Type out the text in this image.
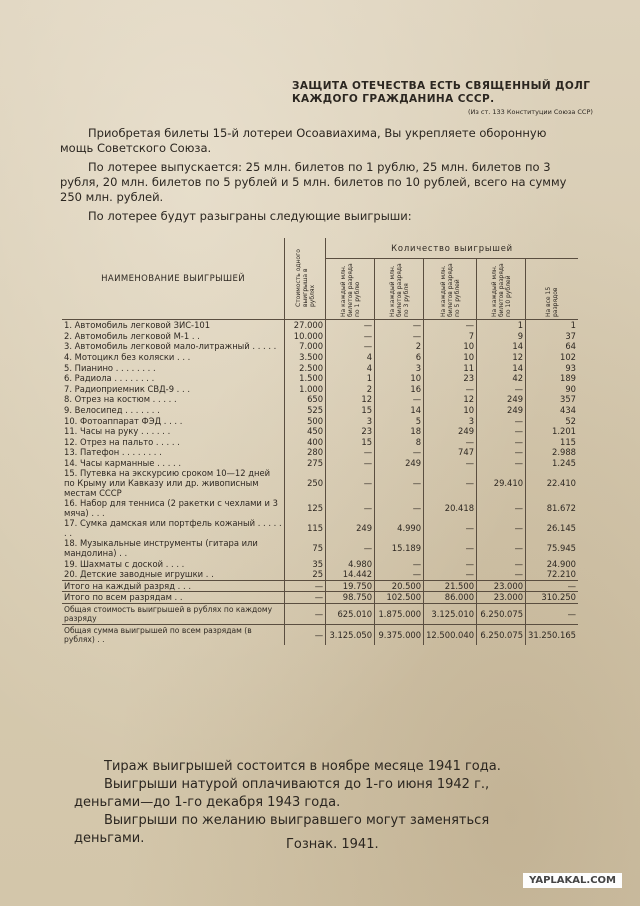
ЗАЩИТА ОТЕЧЕСТВА ЕСТЬ СВЯЩЕННЫЙ ДОЛГ
КАЖДОГО ГРАЖДАНИНА СССР.
(Из ст. 133 Конституции Союза ССР)

Приобретая билеты 15-й лотереи Осоавиахима, Вы укрепляете оборонную мощь Советского Союза.

По лотерее выпускается: 25 млн. билетов по 1 рублю, 25 млн. билетов по 3 рубля, 20 млн. билетов по 5 рублей и 5 млн. билетов по 10 рублей, всего на сумму 250 млн. рублей.

По лотерее будут разыграны следующие выигрыши:

НАИМЕНОВАНИЕ ВЫИГРЫШЕЙ	Стоимость одного выигрыша в рублях	Количество выигрышей				
		На каждый млн. билетов разряда по 1 рублю	На каждый млн. билетов разряда по 3 рубля	На каждый млн. билетов разряда по 5 рублей	На каждый млн. билетов разряда по 10 рублей	На все 15 разрядов
1. Автомобиль легковой ЗИС-101	27.000	—	—	—	1	1
2. Автомобиль легковой М-1 . .	10.000	—	—	7	9	37
3. Автомобиль легковой мало-литражный . . . . .	7.000	—	2	10	14	64
4. Мотоцикл без коляски . . .	3.500	4	6	10	12	102
5. Пианино . . . . . . . .	2.500	4	3	11	14	93
6. Радиола . . . . . . . .	1.500	1	10	23	42	189
7. Радиоприемник СВД-9 . . .	1.000	2	16	—	—	90
8. Отрез на костюм . . . . .	650	12	—	12	249	357
9. Велосипед . . . . . . .	525	15	14	10	249	434
10. Фотоаппарат ФЭД . . . .	500	3	5	3	—	52
11. Часы на руку . . . . . .	450	23	18	249	—	1.201
12. Отрез на пальто . . . . .	400	15	8	—	—	115
13. Патефон . . . . . . . .	280	—	—	747	—	2.988
14. Часы карманные . . . . .	275	—	249	—	—	1.245
15. Путевка на экскурсию сроком 10—12 дней по Крыму или Кавказу или др. живописным местам СССР	250	—	—	—	29.410	22.410
16. Набор для тенниса (2 ракетки с чехлами и 3 мяча) . . .	125	—	—	20.418	—	81.672
17. Сумка дамская или портфель кожаный . . . . . . .	115	249	4.990	—	—	26.145
18. Музыкальные инструменты (гитара или мандолина) . .	75	—	15.189	—	—	75.945
19. Шахматы с доской . . . .	35	4.980	—	—	—	24.900
20. Детские заводные игрушки . .	25	14.442	—	—	—	72.210
Итого на каждый разряд . . .	—	19.750	20.500	21.500	23.000	—
Итого по всем разрядам . .	—	98.750	102.500	86.000	23.000	310.250
Общая стоимость выигрышей в рублях по каждому разряду	—	625.010	1.875.000	3.125.010	6.250.075	—
Общая сумма выигрышей по всем разрядам (в рублях) . .	—	3.125.050	9.375.000	12.500.040	6.250.075	31.250.165

Тираж выигрышей состоится в ноябре месяце 1941 года.

Выигрыши натурой оплачиваются до 1-го июня 1942 г.,

деньгами—до 1-го декабря 1943 года.

Выигрыши по желанию выигравшего могут заменяться

деньгами.	Гознак. 1941.
YAPLAKAL.COM
